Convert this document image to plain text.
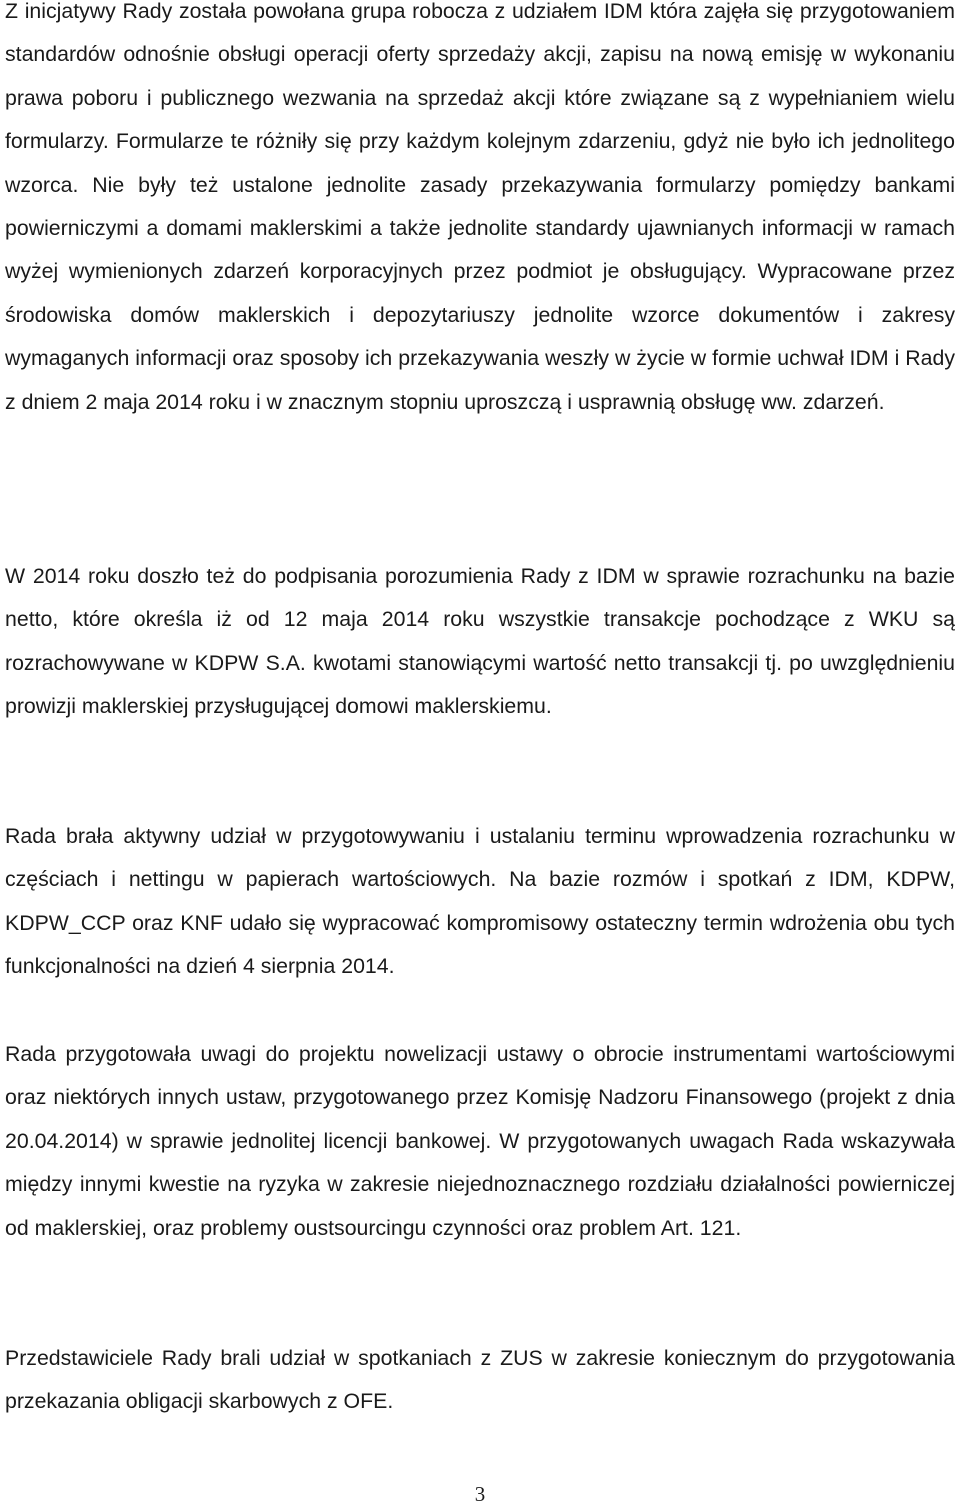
Z inicjatywy Rady została powołana grupa robocza z udziałem IDM która zajęła się przygotowaniem standardów odnośnie obsługi operacji oferty sprzedaży akcji, zapisu na nową emisję w wykonaniu prawa poboru i publicznego wezwania na sprzedaż akcji które związane są z wypełnianiem wielu formularzy. Formularze te różniły się przy każdym kolejnym zdarzeniu, gdyż nie było ich jednolitego wzorca. Nie były też ustalone jednolite zasady przekazywania formularzy pomiędzy bankami powierniczymi a domami maklerskimi a także jednolite standardy ujawnianych informacji w ramach wyżej wymienionych zdarzeń korporacyjnych przez podmiot je obsługujący. Wypracowane przez środowiska domów maklerskich i depozytariuszy jednolite wzorce dokumentów i zakresy wymaganych informacji oraz sposoby ich przekazywania weszły w życie w formie uchwał IDM i Rady z dniem 2 maja 2014 roku i w znacznym stopniu uproszczą i usprawnią obsługę ww. zdarzeń.

W 2014 roku doszło też do podpisania porozumienia Rady z IDM w sprawie rozrachunku na bazie netto, które określa iż od 12 maja 2014 roku wszystkie transakcje pochodzące z WKU są rozrachowywane w KDPW S.A. kwotami stanowiącymi wartość netto transakcji tj. po uwzględnieniu prowizji maklerskiej przysługującej domowi maklerskiemu.

Rada brała aktywny udział w przygotowywaniu i ustalaniu terminu wprowadzenia rozrachunku w częściach i nettingu w papierach wartościowych. Na bazie rozmów i spotkań z IDM, KDPW, KDPW_CCP oraz KNF udało się wypracować kompromisowy ostateczny termin wdrożenia obu tych funkcjonalności na dzień 4 sierpnia 2014.

Rada przygotowała uwagi do projektu nowelizacji ustawy o obrocie instrumentami wartościowymi oraz niektórych innych ustaw, przygotowanego przez Komisję Nadzoru Finansowego (projekt z dnia 20.04.2014) w sprawie jednolitej licencji bankowej. W przygotowanych uwagach Rada wskazywała między innymi kwestie na ryzyka w zakresie niejednoznacznego rozdziału działalności powierniczej od maklerskiej, oraz problemy oustsourcingu czynności oraz problem Art. 121.

Przedstawiciele Rady brali udział w spotkaniach z ZUS w zakresie koniecznym do przygotowania przekazania obligacji skarbowych z OFE.

3
